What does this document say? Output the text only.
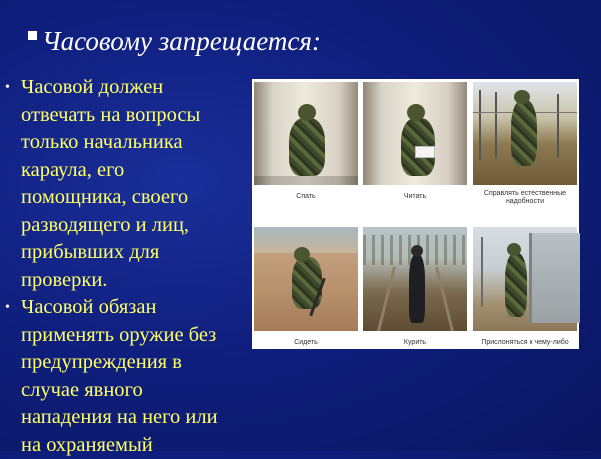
Часовому запрещается:
• Часовой должен
отвечать на вопросы
только начальника
караула, его
помощника, своего
разводящего и лиц,
прибывших для
проверки.
• Часовой обязан
применять оружие без
предупреждения в
случае явного
нападения на него или
на охраняемый
Спать	Читать	Справлять естественные надобности
Сидеть	Курить	Прислоняться к чему-либо
